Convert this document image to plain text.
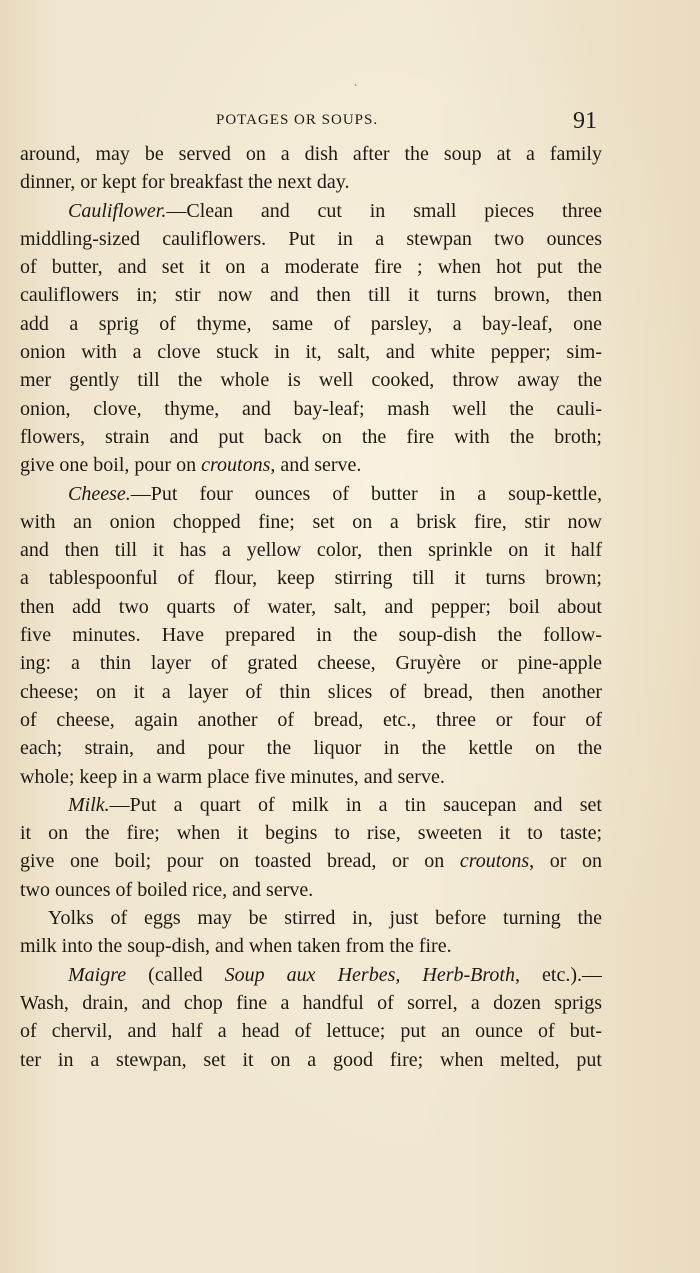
`
POTAGES OR SOUPS.	91
around, may be served on a dish after the soup at a family
dinner, or kept for breakfast the next day.
Cauliflower.—Clean and cut in small pieces three
middling-sized cauliflowers. Put in a stewpan two ounces
of butter, and set it on a moderate fire ; when hot put the
cauliflowers in; stir now and then till it turns brown, then
add a sprig of thyme, same of parsley, a bay-leaf, one
onion with a clove stuck in it, salt, and white pepper; sim-
mer gently till the whole is well cooked, throw away the
onion, clove, thyme, and bay-leaf; mash well the cauli-
flowers, strain and put back on the fire with the broth;
give one boil, pour on croutons, and serve.
Cheese.—Put four ounces of butter in a soup-kettle,
with an onion chopped fine; set on a brisk fire, stir now
and then till it has a yellow color, then sprinkle on it half
a tablespoonful of flour, keep stirring till it turns brown;
then add two quarts of water, salt, and pepper; boil about
five minutes. Have prepared in the soup-dish the follow-
ing: a thin layer of grated cheese, Gruyère or pine-apple
cheese; on it a layer of thin slices of bread, then another
of cheese, again another of bread, etc., three or four of
each; strain, and pour the liquor in the kettle on the
whole; keep in a warm place five minutes, and serve.
Milk.—Put a quart of milk in a tin saucepan and set
it on the fire; when it begins to rise, sweeten it to taste;
give one boil; pour on toasted bread, or on croutons, or on
two ounces of boiled rice, and serve.
Yolks of eggs may be stirred in, just before turning the
milk into the soup-dish, and when taken from the fire.
Maigre (called Soup aux Herbes, Herb-Broth, etc.).—
Wash, drain, and chop fine a handful of sorrel, a dozen sprigs
of chervil, and half a head of lettuce; put an ounce of but-
ter in a stewpan, set it on a good fire; when melted, put
